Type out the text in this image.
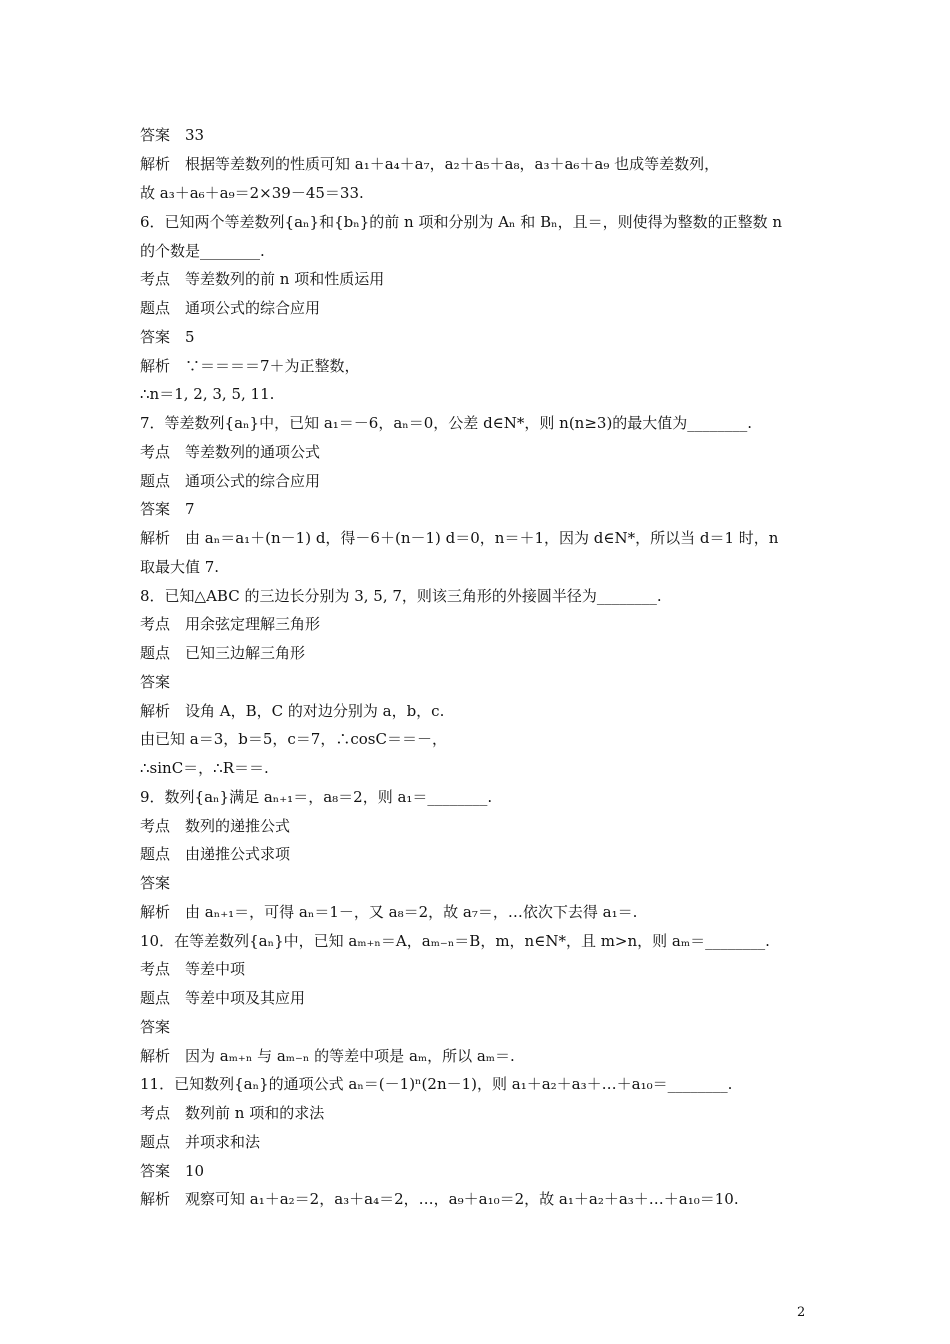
答案　33
解析　根据等差数列的性质可知 a₁＋a₄＋a₇，a₂＋a₅＋a₈，a₃＋a₆＋a₉ 也成等差数列，
故 a₃＋a₆＋a₉＝2×39－45＝33.
6．已知两个等差数列{aₙ}和{bₙ}的前 n 项和分别为 Aₙ 和 Bₙ，且＝，则使得为整数的正整数 n
的个数是________.
考点　等差数列的前 n 项和性质运用
题点　通项公式的综合应用
答案　5
解析　∵＝＝＝＝7＋为正整数，
∴n＝1, 2, 3, 5, 11.
7．等差数列{aₙ}中，已知 a₁＝－6，aₙ＝0，公差 d∈N*，则 n(n≥3)的最大值为________.
考点　等差数列的通项公式
题点　通项公式的综合应用
答案　7
解析　由 aₙ＝a₁＋(n－1) d，得－6＋(n－1) d＝0，n＝＋1，因为 d∈N*，所以当 d＝1 时，n
取最大值 7.
8．已知△ABC 的三边长分别为 3, 5, 7，则该三角形的外接圆半径为________.
考点　用余弦定理解三角形
题点　已知三边解三角形
答案
解析　设角 A，B，C 的对边分别为 a，b，c.
由已知 a＝3，b＝5，c＝7，∴cosC＝＝－，
∴sinC＝，∴R＝＝.
9．数列{aₙ}满足 aₙ₊₁＝，a₈＝2，则 a₁＝________.
考点　数列的递推公式
题点　由递推公式求项
答案
解析　由 aₙ₊₁＝，可得 aₙ＝1－，又 a₈＝2，故 a₇＝，…依次下去得 a₁＝.
10．在等差数列{aₙ}中，已知 aₘ₊ₙ＝A，aₘ₋ₙ＝B，m，n∈N*，且 m>n，则 aₘ＝________.
考点　等差中项
题点　等差中项及其应用
答案
解析　因为 aₘ₊ₙ 与 aₘ₋ₙ 的等差中项是 aₘ，所以 aₘ＝.
11．已知数列{aₙ}的通项公式 aₙ＝(－1)ⁿ(2n－1)，则 a₁＋a₂＋a₃＋…＋a₁₀＝________.
考点　数列前 n 项和的求法
题点　并项求和法
答案　10
解析　观察可知 a₁＋a₂＝2，a₃＋a₄＝2，…，a₉＋a₁₀＝2，故 a₁＋a₂＋a₃＋…＋a₁₀＝10.
2
